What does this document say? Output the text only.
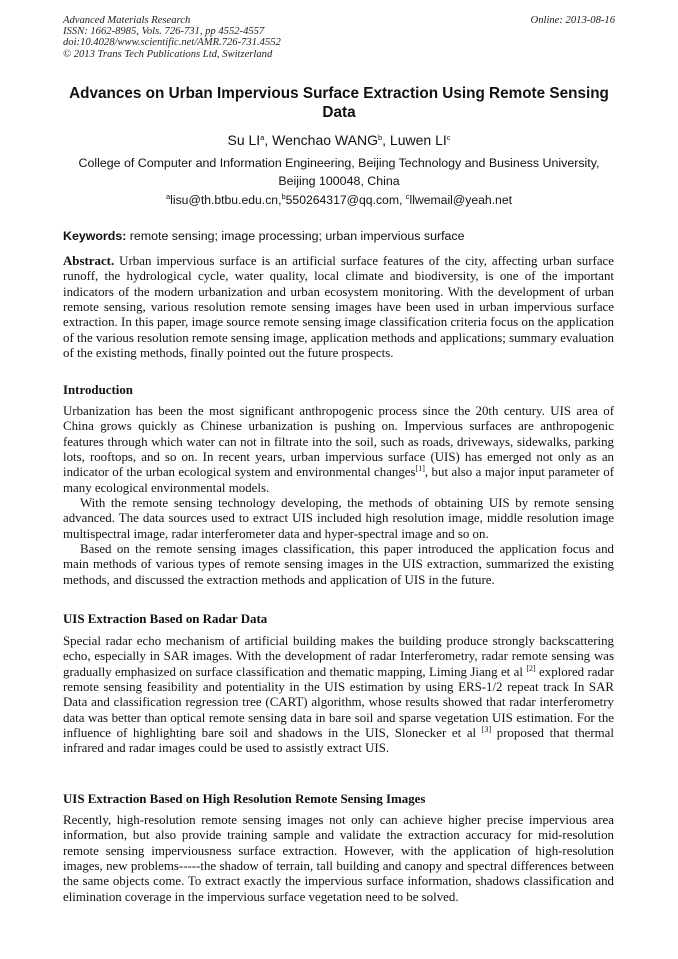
Advanced Materials Research
ISSN: 1662-8985, Vols. 726-731, pp 4552-4557
doi:10.4028/www.scientific.net/AMR.726-731.4552
© 2013 Trans Tech Publications Ltd, Switzerland
Online: 2013-08-16
Advances on Urban Impervious Surface Extraction Using Remote Sensing Data
Su $LI^a$, Wenchao WANG$^b$, Luwen $LI^c$
College of Computer and Information Engineering, Beijing Technology and Business University, Beijing 100048, China
$^a$lisu@th.btbu.edu.cn,$^b$550264317@qq.com, $^c$llwemail@yeah.net
Keywords: remote sensing; image processing; urban impervious surface

Abstract. Urban impervious surface is an artificial surface features of the city, affecting urban surface runoff, the hydrological cycle, water quality, local climate and biodiversity, is one of the important indicators of the modern urbanization and urban ecosystem monitoring. With the development of urban remote sensing, various resolution remote sensing images have been used in urban impervious surface extraction. In this paper, image source remote sensing image classification criteria focus on the application of the various resolution remote sensing image, application methods and applications; summary evaluation of the existing methods, finally pointed out the future prospects.

Introduction

Urbanization has been the most significant anthropogenic process since the 20th century. UIS area of China grows quickly as Chinese urbanization is pushing on. Impervious surfaces are anthropogenic features through which water can not in filtrate into the soil, such as roads, driveways, sidewalks, parking lots, rooftops, and so on. In recent years, urban impervious surface (UIS) has emerged not only as an indicator of the urban ecological system and environmental changes[1], but also a major input parameter of many ecological environmental models.

With the remote sensing technology developing, the methods of obtaining UIS by remote sensing advanced. The data sources used to extract UIS included high resolution image, middle resolution image multispectral image, radar interferometer data and hyper-spectral image and so on.

Based on the remote sensing images classification, this paper introduced the application focus and main methods of various types of remote sensing images in the UIS extraction, summarized the existing methods, and discussed the extraction methods and application of UIS in the future.

UIS Extraction Based on Radar Data

Special radar echo mechanism of artificial building makes the building produce strongly backscattering echo, especially in SAR images. With the development of radar Interferometry, radar remote sensing was gradually emphasized on surface classification and thematic mapping, Liming Jiang et al [2] explored radar remote sensing feasibility and potentiality in the UIS estimation by using ERS-1/2 repeat track In SAR Data and classification regression tree (CART) algorithm, whose results showed that radar interferometry data was better than optical remote sensing data in bare soil and sparse vegetation UIS estimation. For the influence of highlighting bare soil and shadows in the UIS, Slonecker et al [3] proposed that thermal infrared and radar images could be used to assistly extract UIS.

UIS Extraction Based on High Resolution Remote Sensing Images

Recently, high-resolution remote sensing images not only can achieve higher precise impervious area information, but also provide training sample and validate the extraction accuracy for mid-resolution remote sensing imperviousness surface extraction. However, with the application of high-resolution images, new problems-----the shadow of terrain, tall building and canopy and spectral differences between the same objects come. To extract exactly the impervious surface information, shadows classification and elimination coverage in the impervious surface vegetation need to be solved.
